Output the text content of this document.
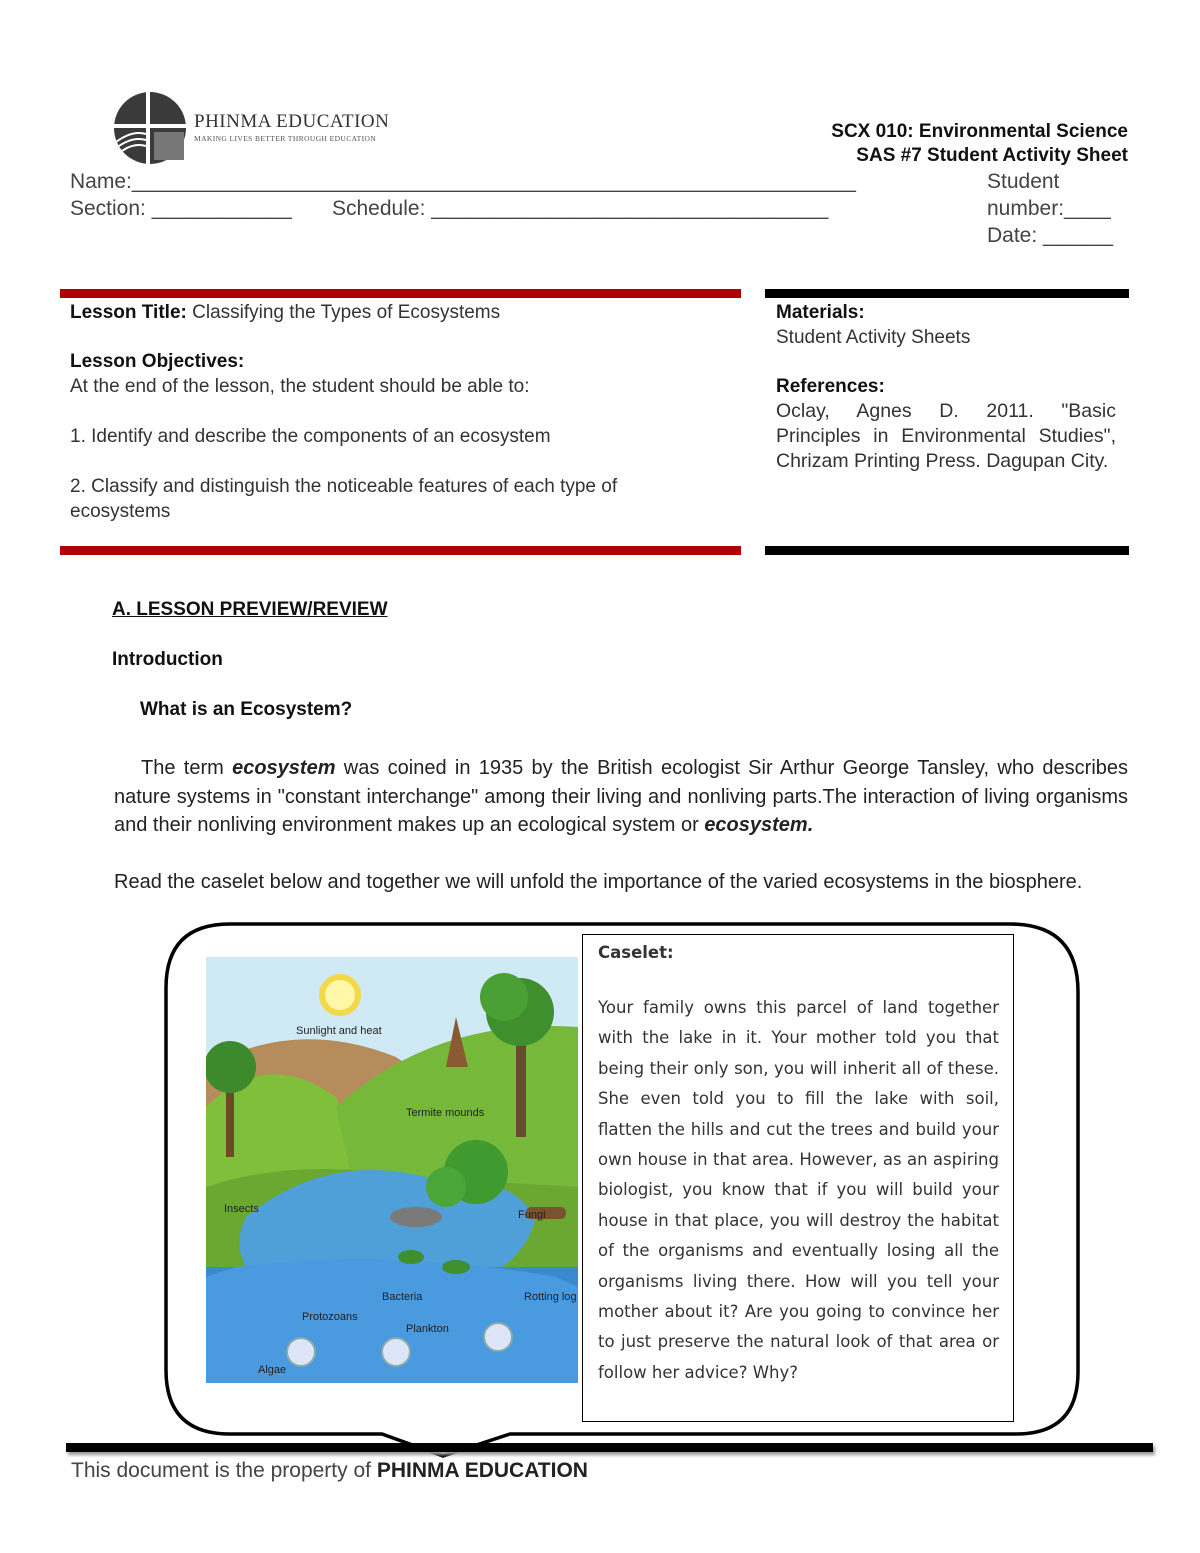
PHINMA EDUCATION
MAKING LIVES BETTER THROUGH EDUCATION	SCX 010: Environmental Science
SAS #7 Student Activity Sheet
Name:______________________________________________________________	Student
Section: ____________ Schedule: __________________________________	number:____
Date: ______
Lesson Title: Classifying the Types of Ecosystems
Lesson Objectives:
At the end of the lesson, the student should be able to:
1. Identify and describe the components of an ecosystem
2. Classify and distinguish the noticeable features of each type of ecosystems
Materials:
Student Activity Sheets
References:
Oclay, Agnes D. 2011. "Basic Principles in Environmental Studies", Chrizam Printing Press. Dagupan City.
A. LESSON PREVIEW/REVIEW
Introduction
What is an Ecosystem?
The term ecosystem was coined in 1935 by the British ecologist Sir Arthur George Tansley, who describes nature systems in "constant interchange" among their living and nonliving parts.The interaction of living organisms and their nonliving environment makes up an ecological system or ecosystem.
Read the caselet below and together we will unfold the importance of the varied ecosystems in the biosphere.
Sunlight and heat
Termite mounds
Insects	Fungi
Bacteria
Protozoans
Plankton
Rotting log
Algae
Caselet:
Your family owns this parcel of land together with the lake in it. Your mother told you that being their only son, you will inherit all of these. She even told you to fill the lake with soil, flatten the hills and cut the trees and build your own house in that area. However, as an aspiring biologist, you know that if you will build your house in that place, you will destroy the habitat of the organisms and eventually losing all the organisms living there. How will you tell your mother about it? Are you going to convince her to just preserve the natural look of that area or follow her advice? Why?
This document is the property of PHINMA EDUCATION
